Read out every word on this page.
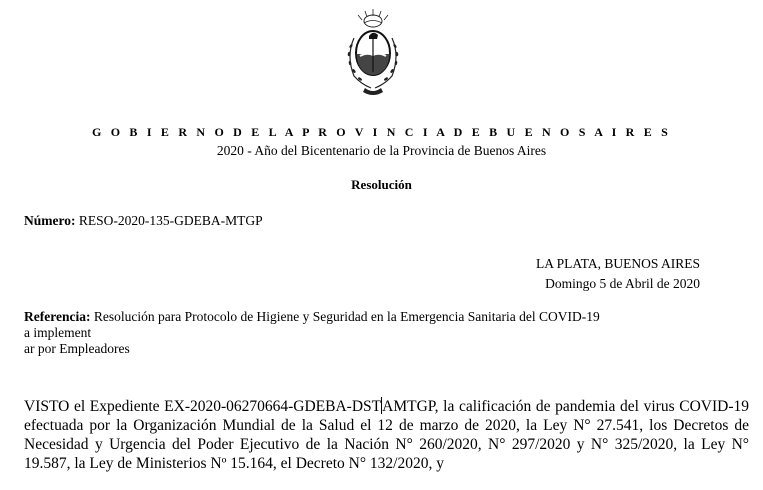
G O B I E R N O D E L A P R O V I N C I A D E B U E N O S A I R E S
2020 - Año del Bicentenario de la Provincia de Buenos Aires
Resolución
Número: RESO-2020-135-GDEBA-MTGP
LA PLATA, BUENOS AIRES
Domingo 5 de Abril de 2020
Referencia: Resolución para Protocolo de Higiene y Seguridad en la Emergencia Sanitaria del COVID-19
a implement
ar por Empleadores
VISTO el Expediente EX-2020-06270664-GDEBA-DSTAMTGP, la calificación de pandemia del virus COVID-19 efectuada por la Organización Mundial de la Salud el 12 de marzo de 2020, la Ley N° 27.541, los Decretos de Necesidad y Urgencia del Poder Ejecutivo de la Nación N° 260/2020, N° 297/2020 y N° 325/2020, la Ley N° 19.587, la Ley de Ministerios Nº 15.164, el Decreto N° 132/2020, y
